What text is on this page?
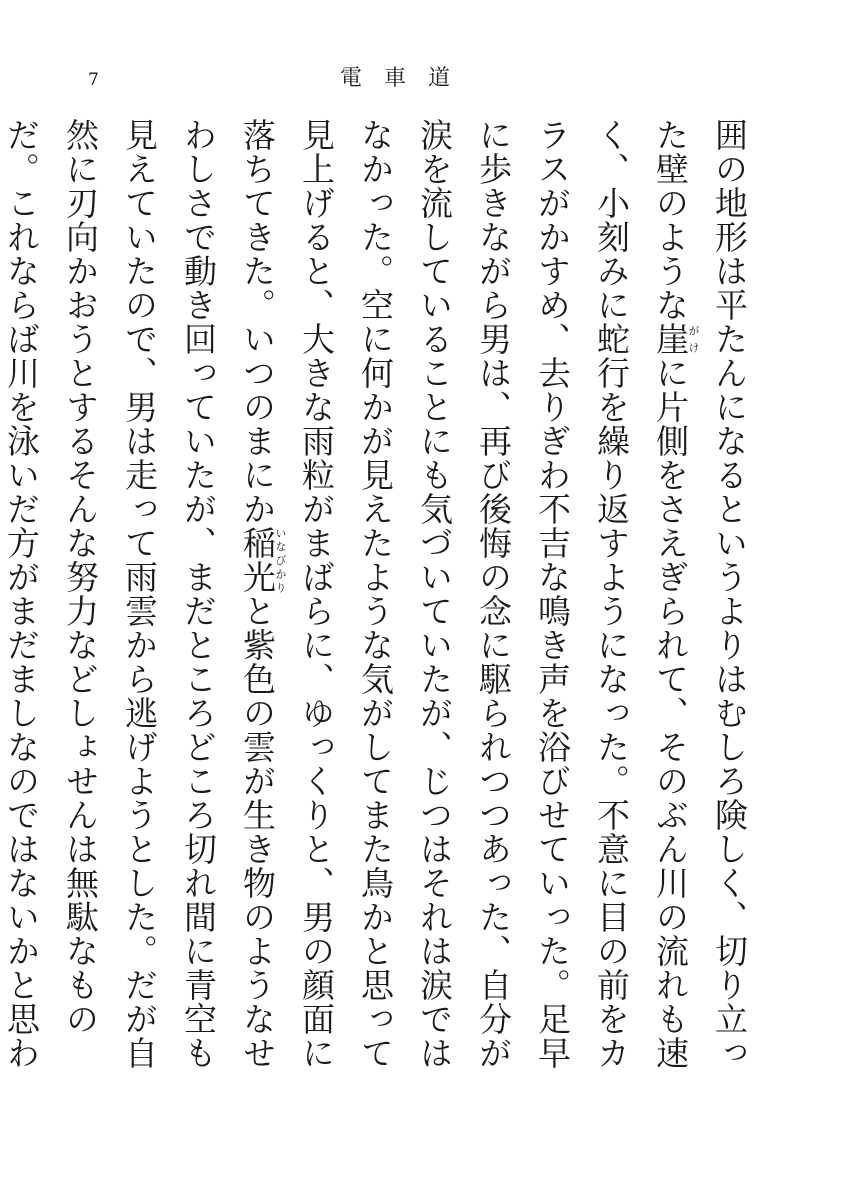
7	電車道

囲の地形は平たんになるというよりはむしろ険しく、切り立った壁のような崖がけに片側をさえぎられて、そのぶん川の流れも速く、小刻みに蛇行を繰り返すようになった。不意に目の前をカラスがかすめ、去りぎわ不吉な鳴き声を浴びせていった。足早に歩きながら男は、再び後悔の念に駆られつつあった、自分が涙を流していることにも気づいていたが、じつはそれは涙ではなかった。空に何かが見えたような気がしてまた鳥かと思って見上げると、大きな雨粒がまばらに、ゆっくりと、男の顔面に落ちてきた。いつのまにか稲光いなびかりと紫色の雲が生き物のようなせわしさで動き回っていたが、まだところどころ切れ間に青空も見えていたので、男は走って雨雲から逃げようとした。だが自然に刃向かおうとするそんな努力などしょせんは無駄なものだ。これならば川を泳いだ方がまだましなのではないかと思わ
